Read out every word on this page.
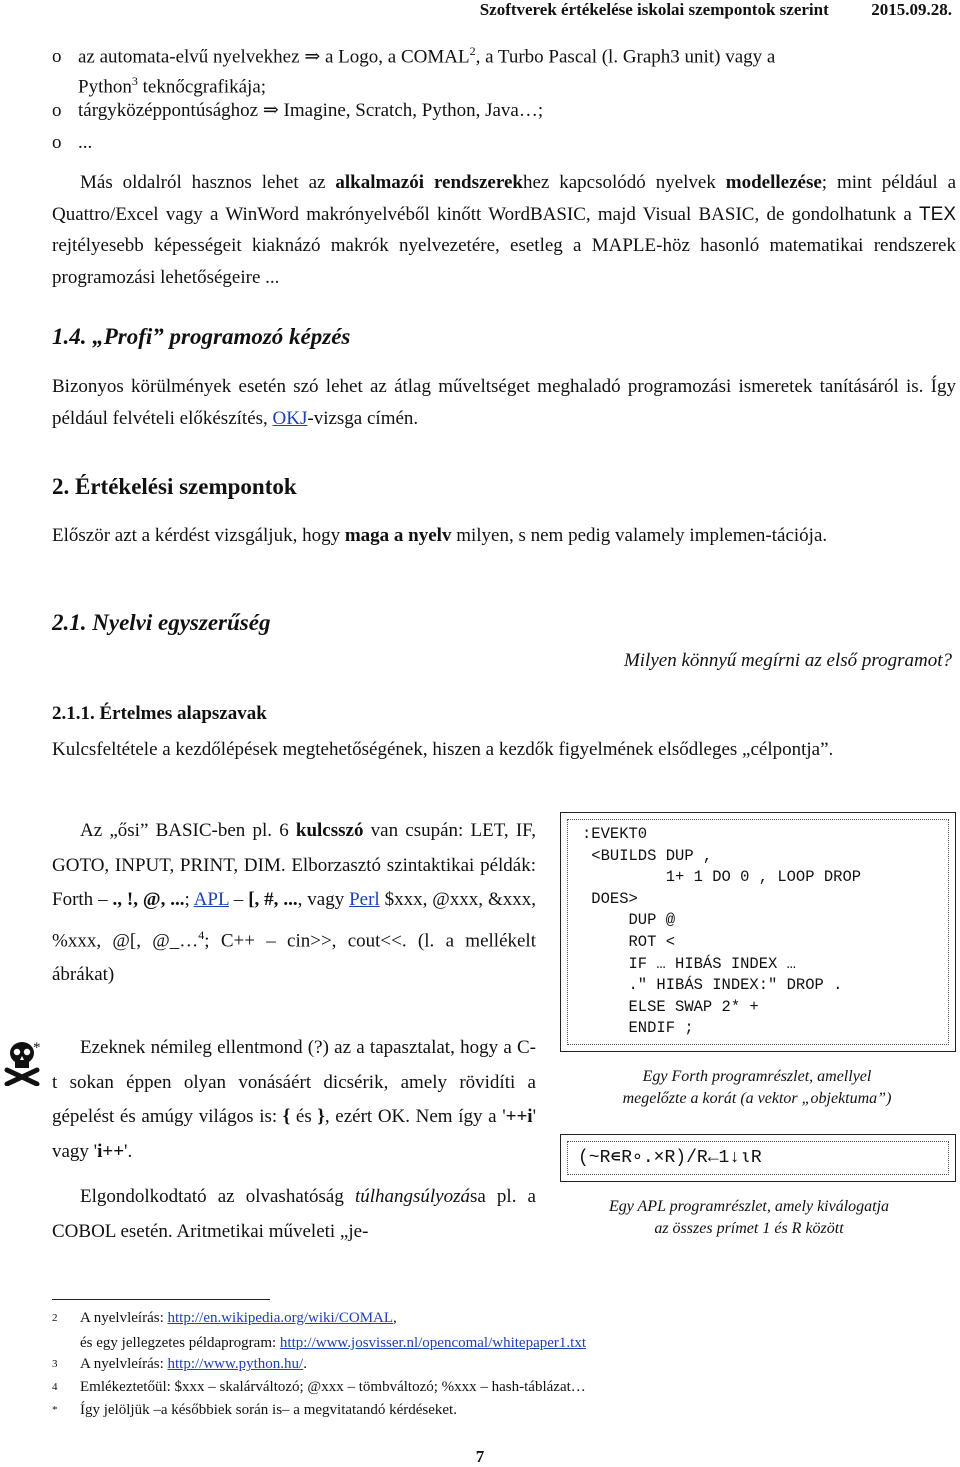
Szoftverek értékelése iskolai szempontok szerint	2015.09.28.
o az automata-elvű nyelvekhez ⇒ a Logo, a COMAL$^2$, a Turbo Pascal (l. Graph3 unit) vagy a
Python$^3$ teknőcgrafikája;
o tárgyközéppontúsághoz ⇒ Imagine, Scratch, Python, Java…;
o ...
Más oldalról hasznos lehet az alkalmazói rendszerekhez kapcsolódó nyelvek modellezése; mint például a Quattro/Excel vagy a WinWord makrónyelvéből kinőtt WordBASIC, majd Visual BASIC, de gondolhatunk a TEX rejtélyesebb képességeit kiaknázó makrók nyelvezetére, esetleg a MAPLE-höz hasonló matematikai rendszerek programozási lehetőségeire ...
1.4. „Profi” programozó képzés
Bizonyos körülmények esetén szó lehet az átlag műveltséget meghaladó programozási ismeretek tanításáról is. Így például felvételi előkészítés, OKJ-vizsga címén.
2. Értékelési szempontok
Először azt a kérdést vizsgáljuk, hogy maga a nyelv milyen, s nem pedig valamely implemen-tációja.
2.1. Nyelvi egyszerűség
Milyen könnyű megírni az első programot?
2.1.1. Értelmes alapszavak
Kulcsfeltétele a kezdőlépések megtehetőségének, hiszen a kezdők figyelmének elsődleges „célpontja”.
Az „ősi” BASIC-ben pl. 6 kulcsszó van csupán: LET, IF, GOTO, INPUT, PRINT, DIM. Elborzasztó szintaktikai példák: Forth – ., !, @, ...; APL – [, #, ..., vagy Perl $xxx, @xxx, &xxx, %xxx, @[, @_…$^4$; C++ – cin>>, cout<<. (l. a mellékelt ábrákat)
Ezeknek némileg ellentmond (?) az a tapasztalat, hogy a C-t sokan éppen olyan vonásáért dicsérik, amely rövidíti a gépelést és amúgy világos is: { és }, ezért OK. Nem így a '++i' vagy 'i++'.
Elgondolkodtató az olvashatóság túlhangsúlyozása pl. a COBOL esetén. Aritmetikai műveleti „je-
*
:EVEKT0
<BUILDS DUP ,
1+ 1 DO 0 , LOOP DROP
DOES>
DUP @
ROT <
IF … HIBÁS INDEX …
." HIBÁS INDEX:" DROP .
ELSE SWAP 2* +
ENDIF ;
Egy Forth programrészlet, amellyel
megelőzte a korát (a vektor „objektuma”)
(~R∊R∘.×R)/R←1↓⍳R
Egy APL programrészlet, amely kiválogatja
az összes prímet 1 és R között
2 A nyelvleírás: http://en.wikipedia.org/wiki/COMAL,
és egy jellegzetes példaprogram: http://www.josvisser.nl/opencomal/whitepaper1.txt
3 A nyelvleírás: http://www.python.hu/.
4 Emlékeztetőül: $xxx – skalárváltozó; @xxx – tömbváltozó; %xxx – hash-táblázat…
* Így jelöljük –a későbbiek során is– a megvitatandó kérdéseket.
7
